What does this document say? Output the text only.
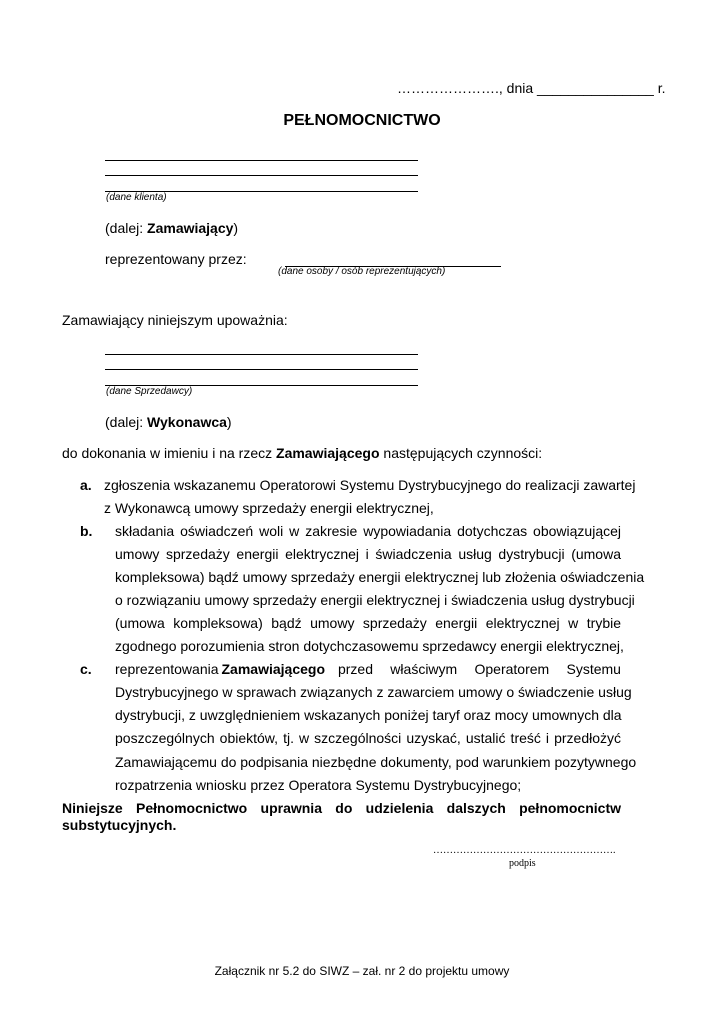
…………………., dnia _______________ r.
PEŁNOMOCNICTWO
(dane klienta)
(dalej: Zamawiający)
reprezentowany przez:
(dane osoby / osób reprezentujących)
Zamawiający niniejszym upoważnia:
(dane Sprzedawcy)
(dalej: Wykonawca)
do dokonania w imieniu i na rzecz Zamawiającego następujących czynności:
a. zgłoszenia wskazanemu Operatorowi Systemu Dystrybucyjnego do realizacji zawartej
z Wykonawcą umowy sprzedaży energii elektrycznej,
b. składania oświadczeń woli w zakresie wypowiadania dotychczas obowiązującej
umowy sprzedaży energii elektrycznej i świadczenia usług dystrybucji (umowa
kompleksowa) bądź umowy sprzedaży energii elektrycznej lub złożenia oświadczenia
o rozwiązaniu umowy sprzedaży energii elektrycznej i świadczenia usług dystrybucji
(umowa kompleksowa) bądź umowy sprzedaży energii elektrycznej w trybie
zgodnego porozumienia stron dotychczasowemu sprzedawcy energii elektrycznej,
c. reprezentowania Zamawiającego przed właściwym Operatorem Systemu
Dystrybucyjnego w sprawach związanych z zawarciem umowy o świadczenie usług
dystrybucji, z uwzględnieniem wskazanych poniżej taryf oraz mocy umownych dla
poszczególnych obiektów, tj. w szczególności uzyskać, ustalić treść i przedłożyć
Zamawiającemu do podpisania niezbędne dokumenty, pod warunkiem pozytywnego
rozpatrzenia wniosku przez Operatora Systemu Dystrybucyjnego;
Niniejsze Pełnomocnictwo uprawnia do udzielenia dalszych pełnomocnictw
substytucyjnych.
……………………………………………….
podpis
Załącznik nr 5.2 do SIWZ – zał. nr 2 do projektu umowy
